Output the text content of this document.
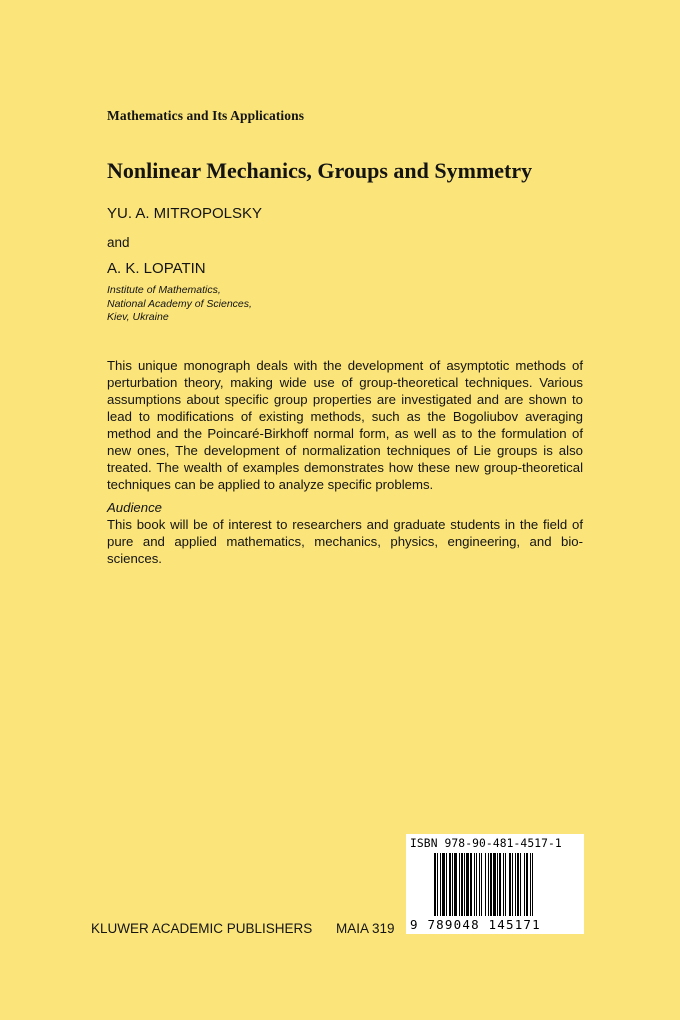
Mathematics and Its Applications
Nonlinear Mechanics, Groups and Symmetry
YU. A. MITROPOLSKY
and
A. K. LOPATIN
Institute of Mathematics,
National Academy of Sciences,
Kiev, Ukraine

This unique monograph deals with the development of asymptotic methods of perturbation theory, making wide use of group-theoretical techniques. Various assumptions about specific group properties are investigated and are shown to lead to modifications of existing methods, such as the Bogoliubov averaging method and the Poincaré-Birkhoff normal form, as well as to the formulation of new ones, The development of normalization techniques of Lie groups is also treated. The wealth of examples demonstrates how these new group-theoretical techniques can be applied to analyze specific problems.

Audience

This book will be of interest to researchers and graduate students in the field of pure and applied mathematics, mechanics, physics, engineering, and bio-sciences.

KLUWER ACADEMIC PUBLISHERS MAIA 319
ISBN 978-90-481-4517-1
9 789048 145171
